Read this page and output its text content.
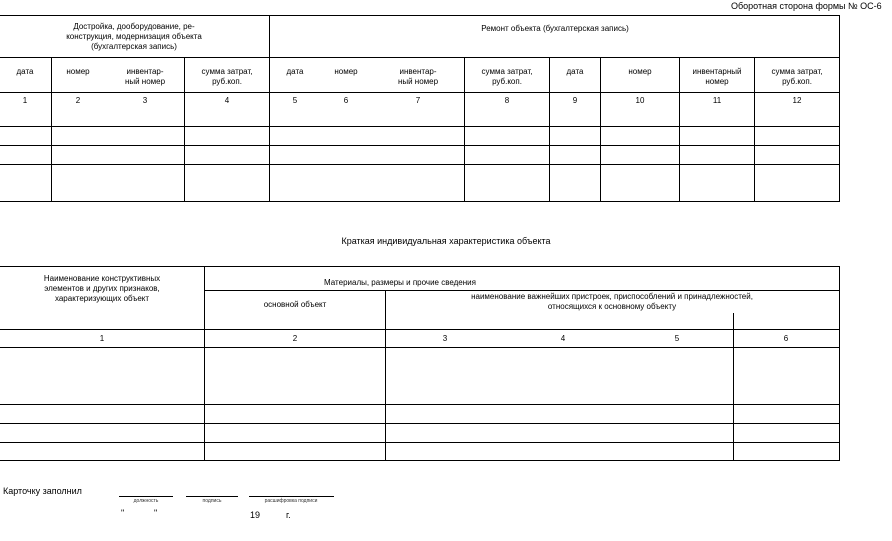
Оборотная сторона формы № ОС-6
Достройка, дооборудование, ре-
конструкция, модернизация объекта
(бухгалтерская запись)
Ремонт объекта (бухгалтерская запись)
дата	номер	инвентар-
ный номер
сумма затрат,
руб.коп.
дата	номер	инвентар-
ный номер
сумма затрат,
руб.коп.
дата	номер	инвентарный
номер
сумма затрат,
руб.коп.
1	2	3	4	5	6	7	8	9	10	11	12
Краткая индивидуальная характеристика объекта
Наименование конструктивных
элементов и других признаков,
характеризующих объект
Материалы, размеры и прочие сведения
основной объект
наименование важнейших пристроек, приспособлений и принадлежностей,
относящихся к основному объекту
1	2	3	4	5	6
Карточку заполнил
должность	подпись	расшифровка подписи
"	"	19	г.
